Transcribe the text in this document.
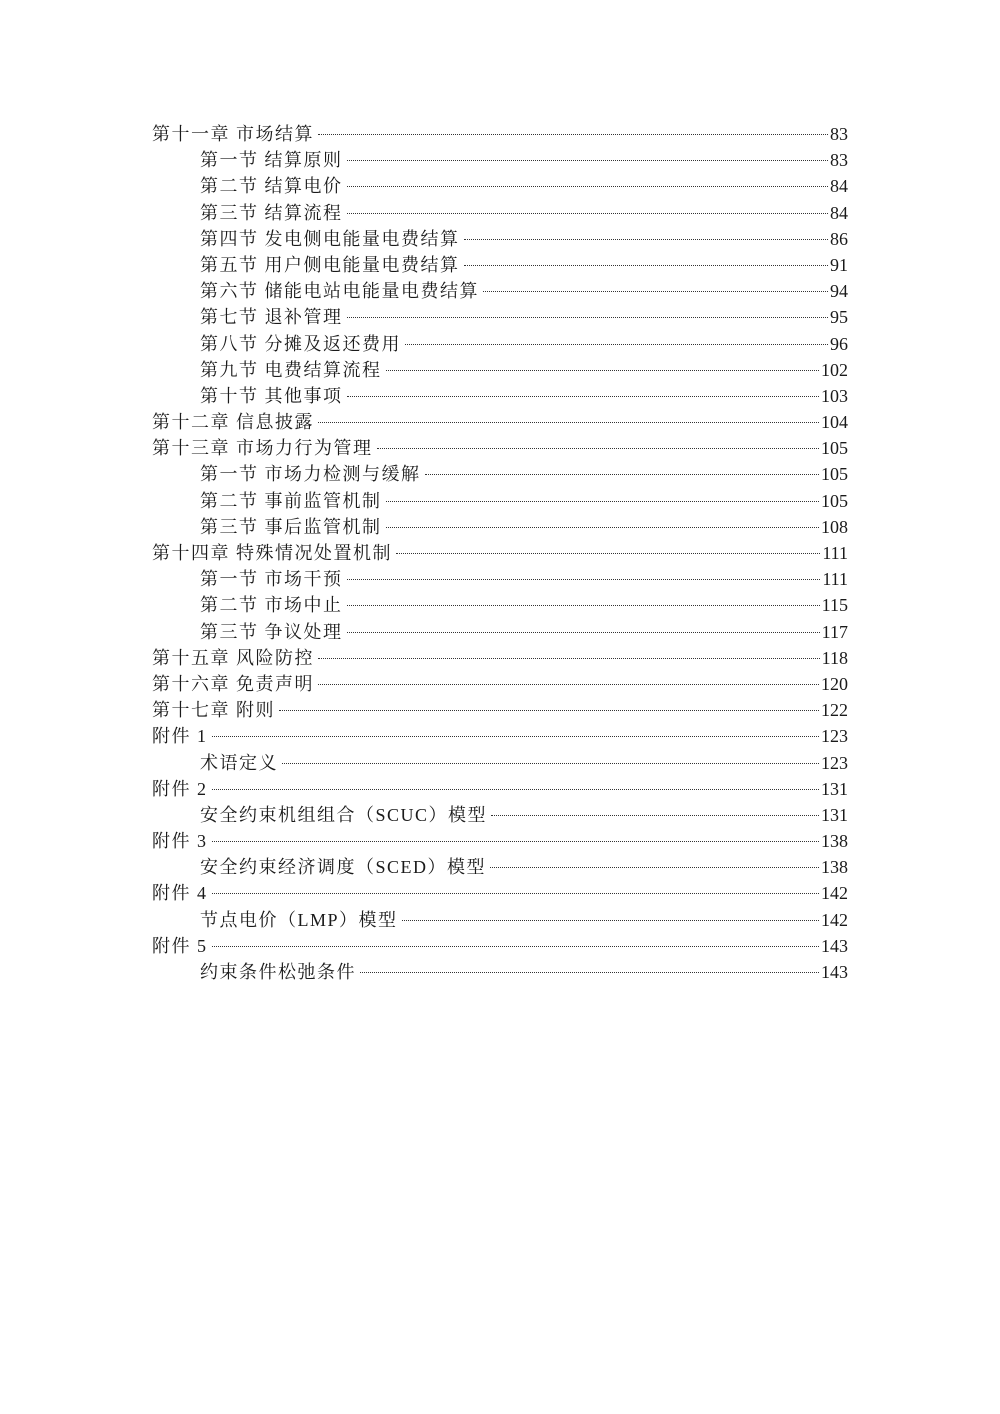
第十一章 市场结算	83
第一节 结算原则	83
第二节 结算电价	84
第三节 结算流程	84
第四节 发电侧电能量电费结算	86
第五节 用户侧电能量电费结算	91
第六节 储能电站电能量电费结算	94
第七节 退补管理	95
第八节 分摊及返还费用	96
第九节 电费结算流程	102
第十节 其他事项	103
第十二章 信息披露	104
第十三章 市场力行为管理	105
第一节 市场力检测与缓解	105
第二节 事前监管机制	105
第三节 事后监管机制	108
第十四章 特殊情况处置机制	111
第一节 市场干预	111
第二节 市场中止	115
第三节 争议处理	117
第十五章 风险防控	118
第十六章 免责声明	120
第十七章 附则	122
附件 1	123
术语定义	123
附件 2	131
安全约束机组组合（SCUC）模型	131
附件 3	138
安全约束经济调度（SCED）模型	138
附件 4	142
节点电价（LMP）模型	142
附件 5	143
约束条件松弛条件	143
